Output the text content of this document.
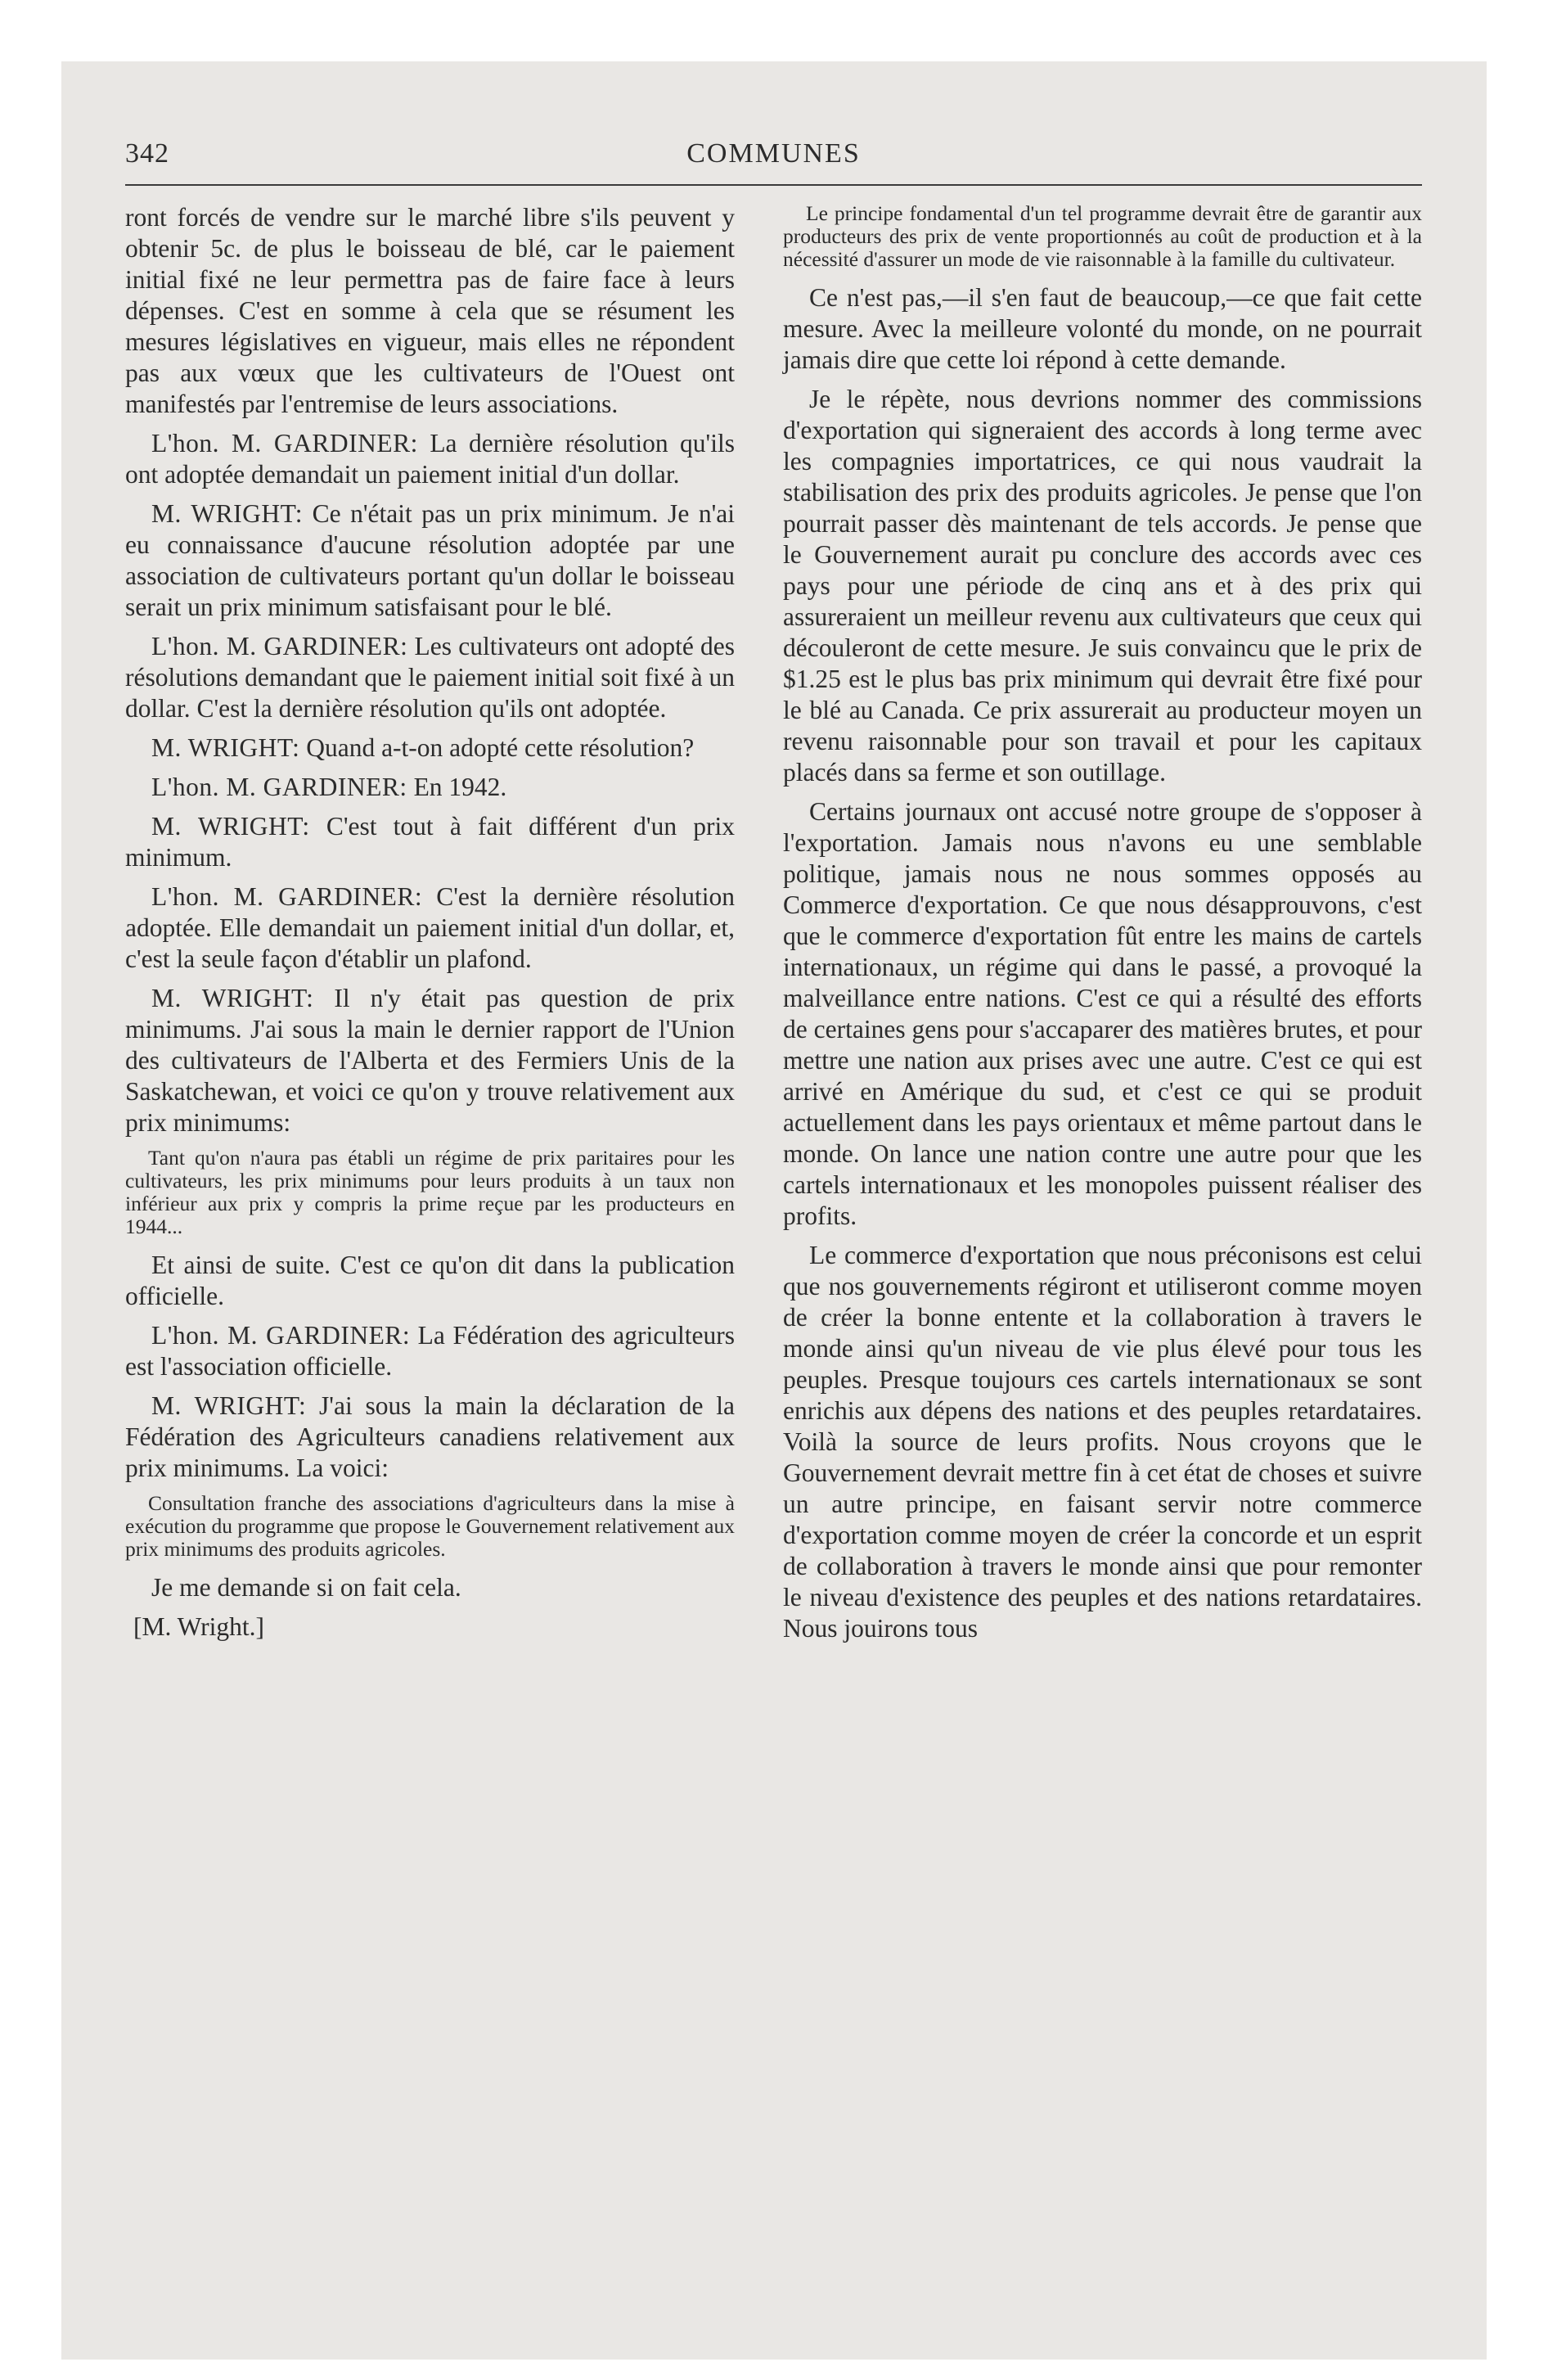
342	COMMUNES

ront forcés de vendre sur le marché libre s'ils peuvent y obtenir 5c. de plus le boisseau de blé, car le paiement initial fixé ne leur permettra pas de faire face à leurs dépenses. C'est en somme à cela que se résument les mesures législatives en vigueur, mais elles ne répondent pas aux vœux que les cultivateurs de l'Ouest ont manifestés par l'entremise de leurs associations.

L'hon. M. GARDINER: La dernière résolution qu'ils ont adoptée demandait un paiement initial d'un dollar.

M. WRIGHT: Ce n'était pas un prix minimum. Je n'ai eu connaissance d'aucune résolution adoptée par une association de cultivateurs portant qu'un dollar le boisseau serait un prix minimum satisfaisant pour le blé.

L'hon. M. GARDINER: Les cultivateurs ont adopté des résolutions demandant que le paiement initial soit fixé à un dollar. C'est la dernière résolution qu'ils ont adoptée.

M. WRIGHT: Quand a-t-on adopté cette résolution?

L'hon. M. GARDINER: En 1942.

M. WRIGHT: C'est tout à fait différent d'un prix minimum.

L'hon. M. GARDINER: C'est la dernière résolution adoptée. Elle demandait un paiement initial d'un dollar, et, c'est la seule façon d'établir un plafond.

M. WRIGHT: Il n'y était pas question de prix minimums. J'ai sous la main le dernier rapport de l'Union des cultivateurs de l'Alberta et des Fermiers Unis de la Saskatchewan, et voici ce qu'on y trouve relativement aux prix minimums:

Tant qu'on n'aura pas établi un régime de prix paritaires pour les cultivateurs, les prix minimums pour leurs produits à un taux non inférieur aux prix y compris la prime reçue par les producteurs en 1944...

Et ainsi de suite. C'est ce qu'on dit dans la publication officielle.

L'hon. M. GARDINER: La Fédération des agriculteurs est l'association officielle.

M. WRIGHT: J'ai sous la main la déclaration de la Fédération des Agriculteurs canadiens relativement aux prix minimums. La voici:

Consultation franche des associations d'agriculteurs dans la mise à exécution du programme que propose le Gouvernement relativement aux prix minimums des produits agricoles.

Je me demande si on fait cela.

[M. Wright.]

Le principe fondamental d'un tel programme devrait être de garantir aux producteurs des prix de vente proportionnés au coût de production et à la nécessité d'assurer un mode de vie raisonnable à la famille du cultivateur.

Ce n'est pas,—il s'en faut de beaucoup,—ce que fait cette mesure. Avec la meilleure volonté du monde, on ne pourrait jamais dire que cette loi répond à cette demande.

Je le répète, nous devrions nommer des commissions d'exportation qui signeraient des accords à long terme avec les compagnies importatrices, ce qui nous vaudrait la stabilisation des prix des produits agricoles. Je pense que l'on pourrait passer dès maintenant de tels accords. Je pense que le Gouvernement aurait pu conclure des accords avec ces pays pour une période de cinq ans et à des prix qui assureraient un meilleur revenu aux cultivateurs que ceux qui découleront de cette mesure. Je suis convaincu que le prix de $1.25 est le plus bas prix minimum qui devrait être fixé pour le blé au Canada. Ce prix assurerait au producteur moyen un revenu raisonnable pour son travail et pour les capitaux placés dans sa ferme et son outillage.

Certains journaux ont accusé notre groupe de s'opposer à l'exportation. Jamais nous n'avons eu une semblable politique, jamais nous ne nous sommes opposés au Commerce d'exportation. Ce que nous désapprouvons, c'est que le commerce d'exportation fût entre les mains de cartels internationaux, un régime qui dans le passé, a provoqué la malveillance entre nations. C'est ce qui a résulté des efforts de certaines gens pour s'accaparer des matières brutes, et pour mettre une nation aux prises avec une autre. C'est ce qui est arrivé en Amérique du sud, et c'est ce qui se produit actuellement dans les pays orientaux et même partout dans le monde. On lance une nation contre une autre pour que les cartels internationaux et les monopoles puissent réaliser des profits.

Le commerce d'exportation que nous préconisons est celui que nos gouvernements régiront et utiliseront comme moyen de créer la bonne entente et la collaboration à travers le monde ainsi qu'un niveau de vie plus élevé pour tous les peuples. Presque toujours ces cartels internationaux se sont enrichis aux dépens des nations et des peuples retardataires. Voilà la source de leurs profits. Nous croyons que le Gouvernement devrait mettre fin à cet état de choses et suivre un autre principe, en faisant servir notre commerce d'exportation comme moyen de créer la concorde et un esprit de collaboration à travers le monde ainsi que pour remonter le niveau d'existence des peuples et des nations retardataires. Nous jouirons tous
